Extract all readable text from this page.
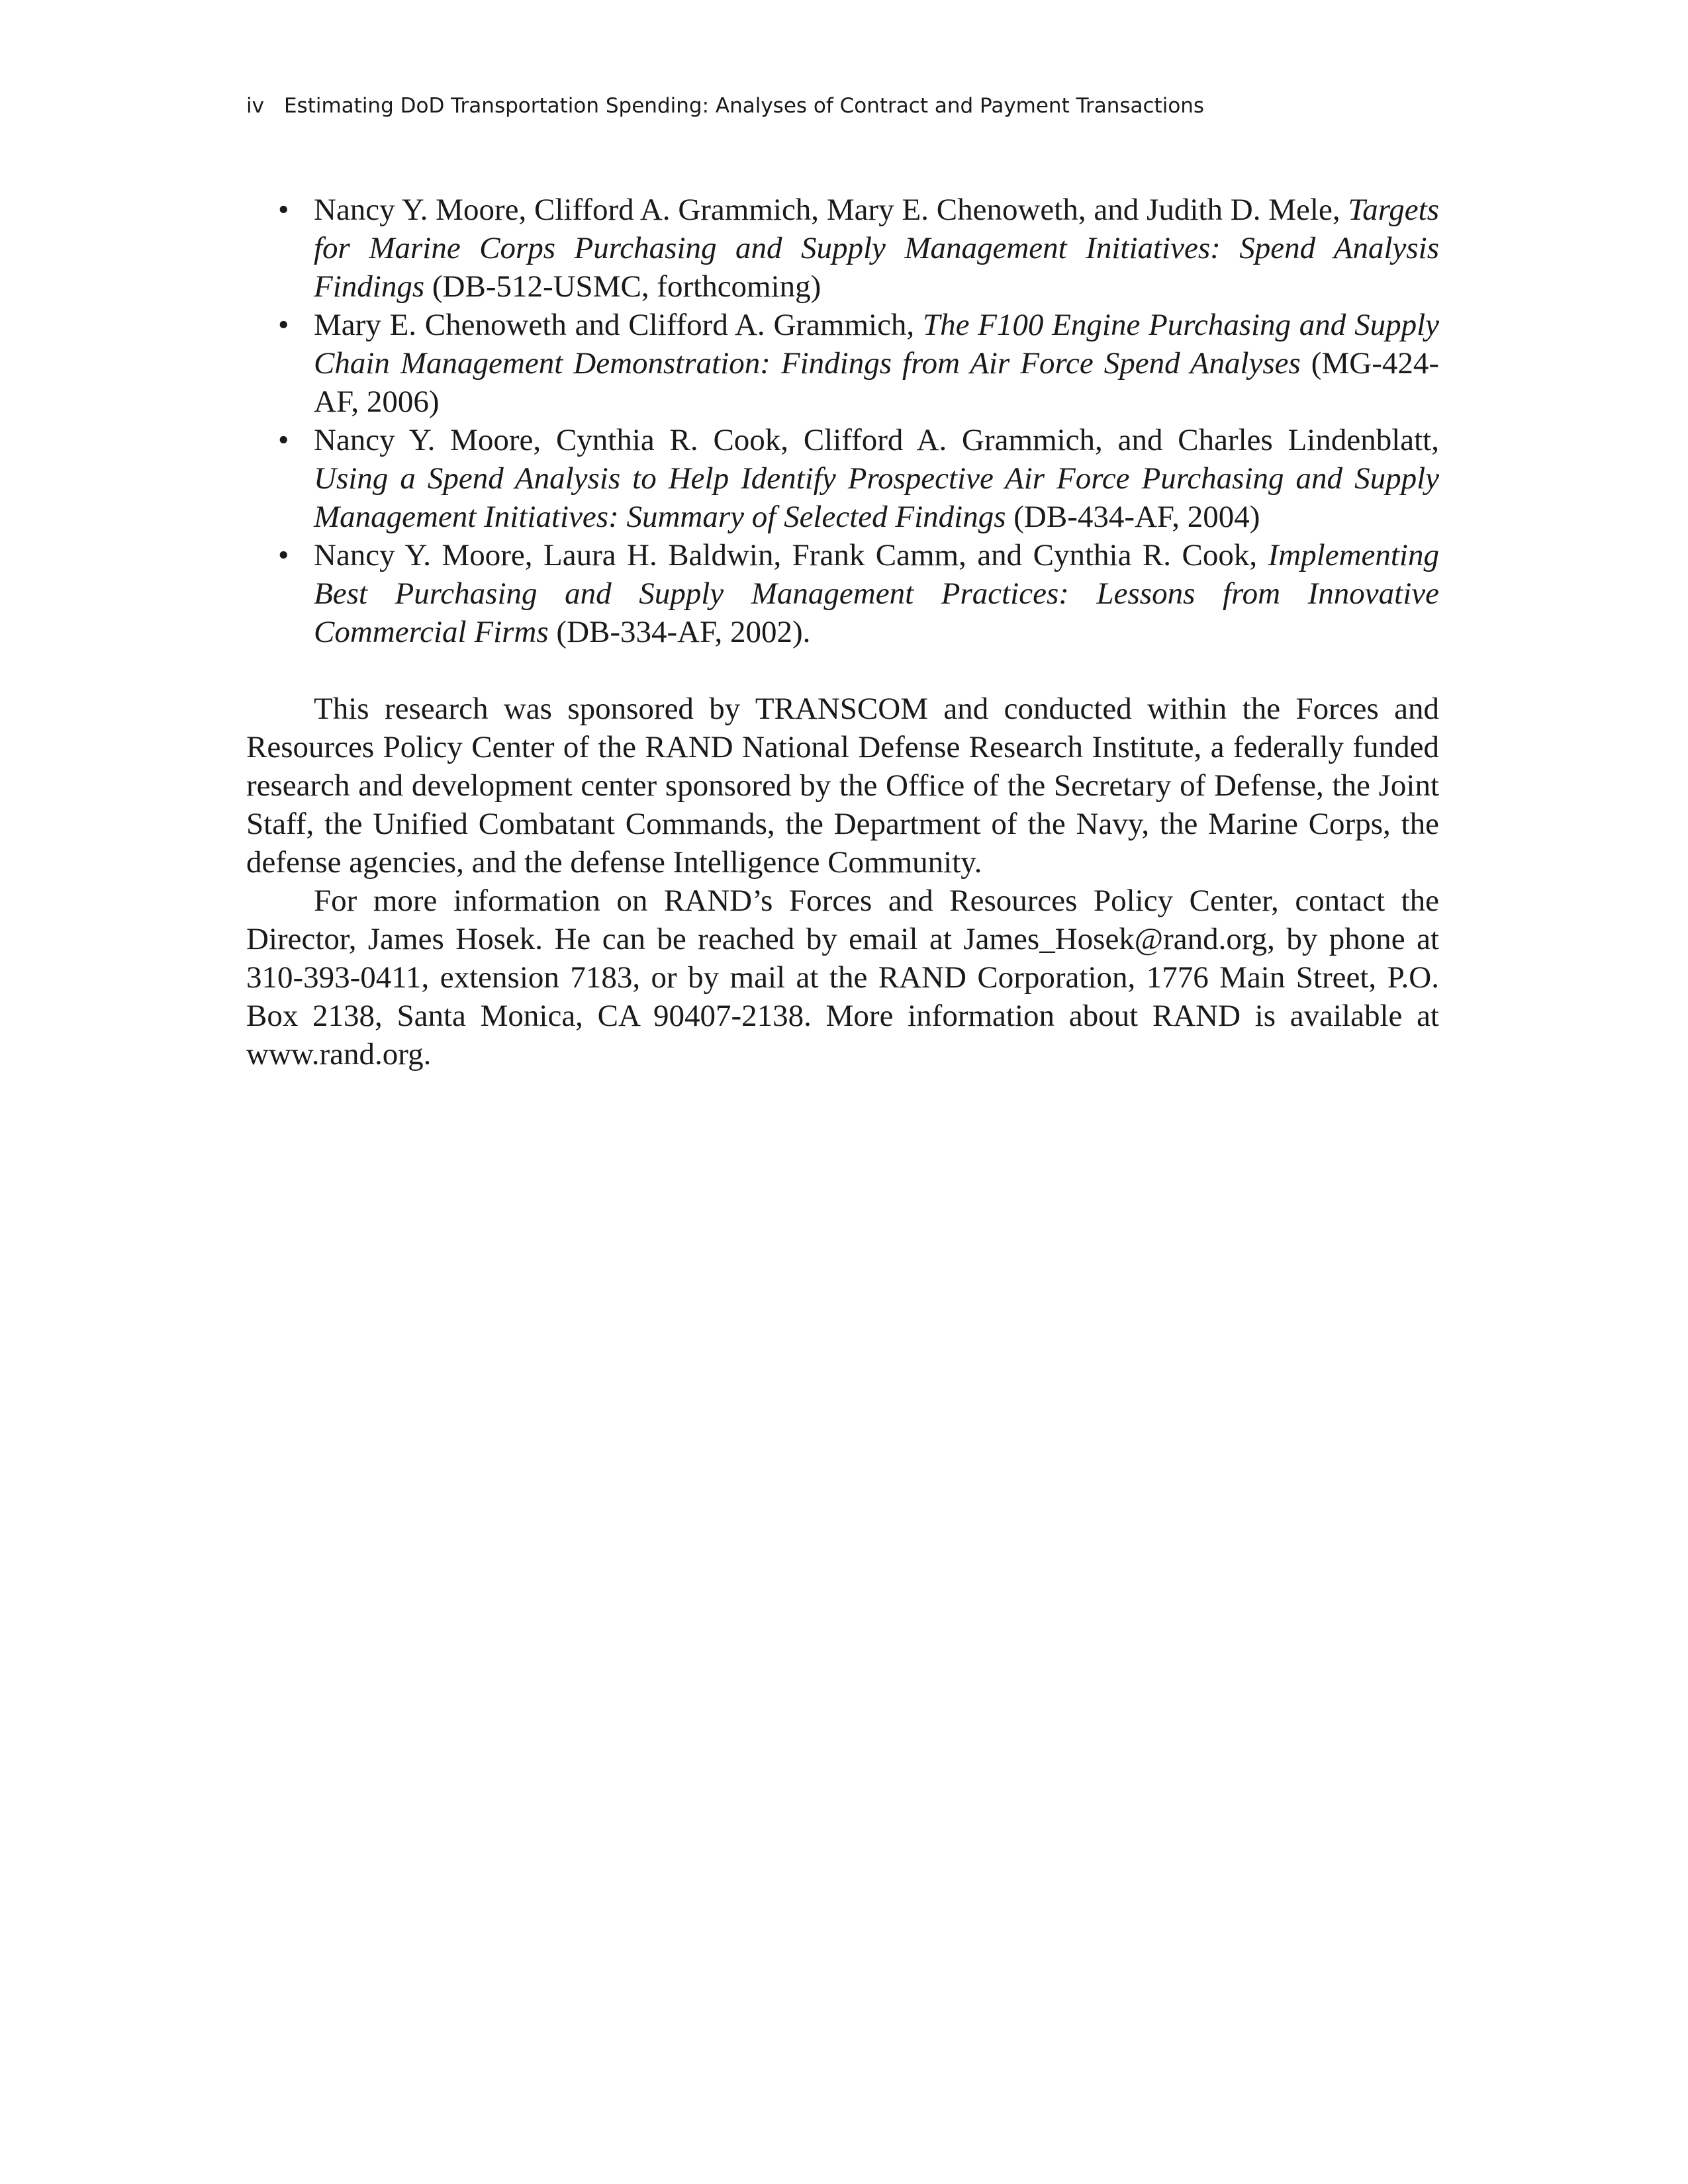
iv Estimating DoD Transportation Spending: Analyses of Contract and Payment Transactions
• Nancy Y. Moore, Clifford A. Grammich, Mary E. Chenoweth, and Judith D. Mele, Targets for Marine Corps Purchasing and Supply Management Initiatives: Spend Analysis Findings (DB-512-USMC, forthcoming)
• Mary E. Chenoweth and Clifford A. Grammich, The F100 Engine Purchasing and Supply Chain Management Demonstration: Findings from Air Force Spend Analyses (MG-424-AF, 2006)
• Nancy Y. Moore, Cynthia R. Cook, Clifford A. Grammich, and Charles Lindenblatt, Using a Spend Analysis to Help Identify Prospective Air Force Purchasing and Supply Management Initiatives: Summary of Selected Findings (DB-434-AF, 2004)
• Nancy Y. Moore, Laura H. Baldwin, Frank Camm, and Cynthia R. Cook, Implementing Best Purchasing and Supply Management Practices: Lessons from Innovative Commercial Firms (DB-334-AF, 2002).

This research was sponsored by TRANSCOM and conducted within the Forces and Resources Policy Center of the RAND National Defense Research Institute, a federally funded research and development center sponsored by the Office of the Secretary of Defense, the Joint Staff, the Unified Combatant Commands, the Department of the Navy, the Marine Corps, the defense agencies, and the defense Intelligence Community.

For more information on RAND’s Forces and Resources Policy Center, contact the Director, James Hosek. He can be reached by email at James_Hosek@rand.org, by phone at 310-393-0411, extension 7183, or by mail at the RAND Corporation, 1776 Main Street, P.O. Box 2138, Santa Monica, CA 90407-2138. More information about RAND is available at www.rand.org.
